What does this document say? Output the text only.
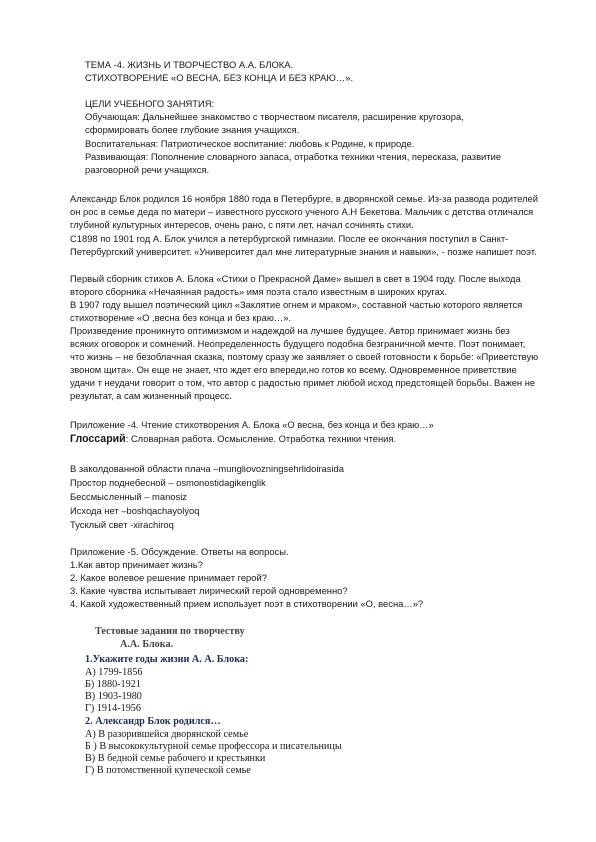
ТЕМА -4. ЖИЗНЬ И ТВОРЧЕСТВО А.А. БЛОКА.
СТИХОТВОРЕНИЕ «О ВЕСНА, БЕЗ КОНЦА И БЕЗ КРАЮ…».
ЦЕЛИ УЧЕБНОГО ЗАНЯТИЯ:
Обучающая: Дальнейшее знакомство с творчеством писателя, расширение кругозора, сформировать более глубокие знания учащихся.
Воспитательная: Патриотическое воспитание: любовь к Родине, к природе.
Развивающая: Пополнение словарного запаса, отработка техники чтения, пересказа, развитие разговорной речи учащихся.
Александр Блок родился 16 ноября 1880 года в Петербурге, в дворянской семье. Из-за развода родителей он рос в семье деда по матери – известного русского ученого А.Н Бекетова. Мальчик с детства отличался глубиной культурных интересов, очень рано, с пяти лет, начал сочинять стихи.
С1898 по 1901 год А. Блок учился а петербургской гимназии. После ее окончания поступил в Санкт-Петербургский университет. «Университет дал мне литературные знания и навыки», - позже напишет поэт.
Первый сборник стихов А. Блока «Стихи о Прекрасной Даме» вышел в свет в 1904 году. После выхода второго сборника «Нечаянная радость» имя поэта стало известным в широких кругах.
В 1907 году вышел поэтический цикл «Заклятие огнем и мраком», составной частью которого является стихотворение «О ,весна без конца и без краю…».
Произведение проникнуто оптимизмом и надеждой на лучшее будущее. Автор принимает жизнь без всяких оговорок и сомнений. Неопределенность будущего подобна безграничной мечте. Поэт понимает, что жизнь – не безоблачная сказка, поэтому сразу же заявляет о своей готовности к борьбе: «Приветствую звоном щита». Он еще не знает, что ждет его впереди,но готов ко всему. Одновременное приветствие удачи т неудачи говорит о том, что автор с радостью примет любой исход предстоящей борьбы. Важен не результат, а сам жизненный процесс.
Приложение -4. Чтение стихотворения А. Блока «О весна, без конца и без краю…»
Глоссарий: Словарная работа. Осмысление. Отработка техники чтения.
В заколдованной области плача –mungliovozningsehrlidoirasida
Простор поднебесной – osmonostidagikenglik
Бессмысленный – manosiz
Исхода нет –boshqachayolyoq
Тусклый свет -xirachiroq
Приложение -5. Обсуждение. Ответы на вопросы.
1.Как автор принимает жизнь?
2. Какое волевое решение принимает герой?
3. Какие чувства испытывает лирический герой одновременно?
4. Какой художественный прием использует поэт в стихотворении «О, весна…»?
Тестовые задания по творчеству
А.А. Блока.
1.Укажите годы жизни А. А. Блока:
А) 1799-1856
Б) 1880-1921
В) 1903-1980
Г) 1914-1956
2. Александр Блок родился…
А) В разорившейся дворянской семье
Б ) В высококультурной семье профессора и писательницы
В) В бедной семье рабочего и крестьянки
Г) В потомственной купеческой семье
